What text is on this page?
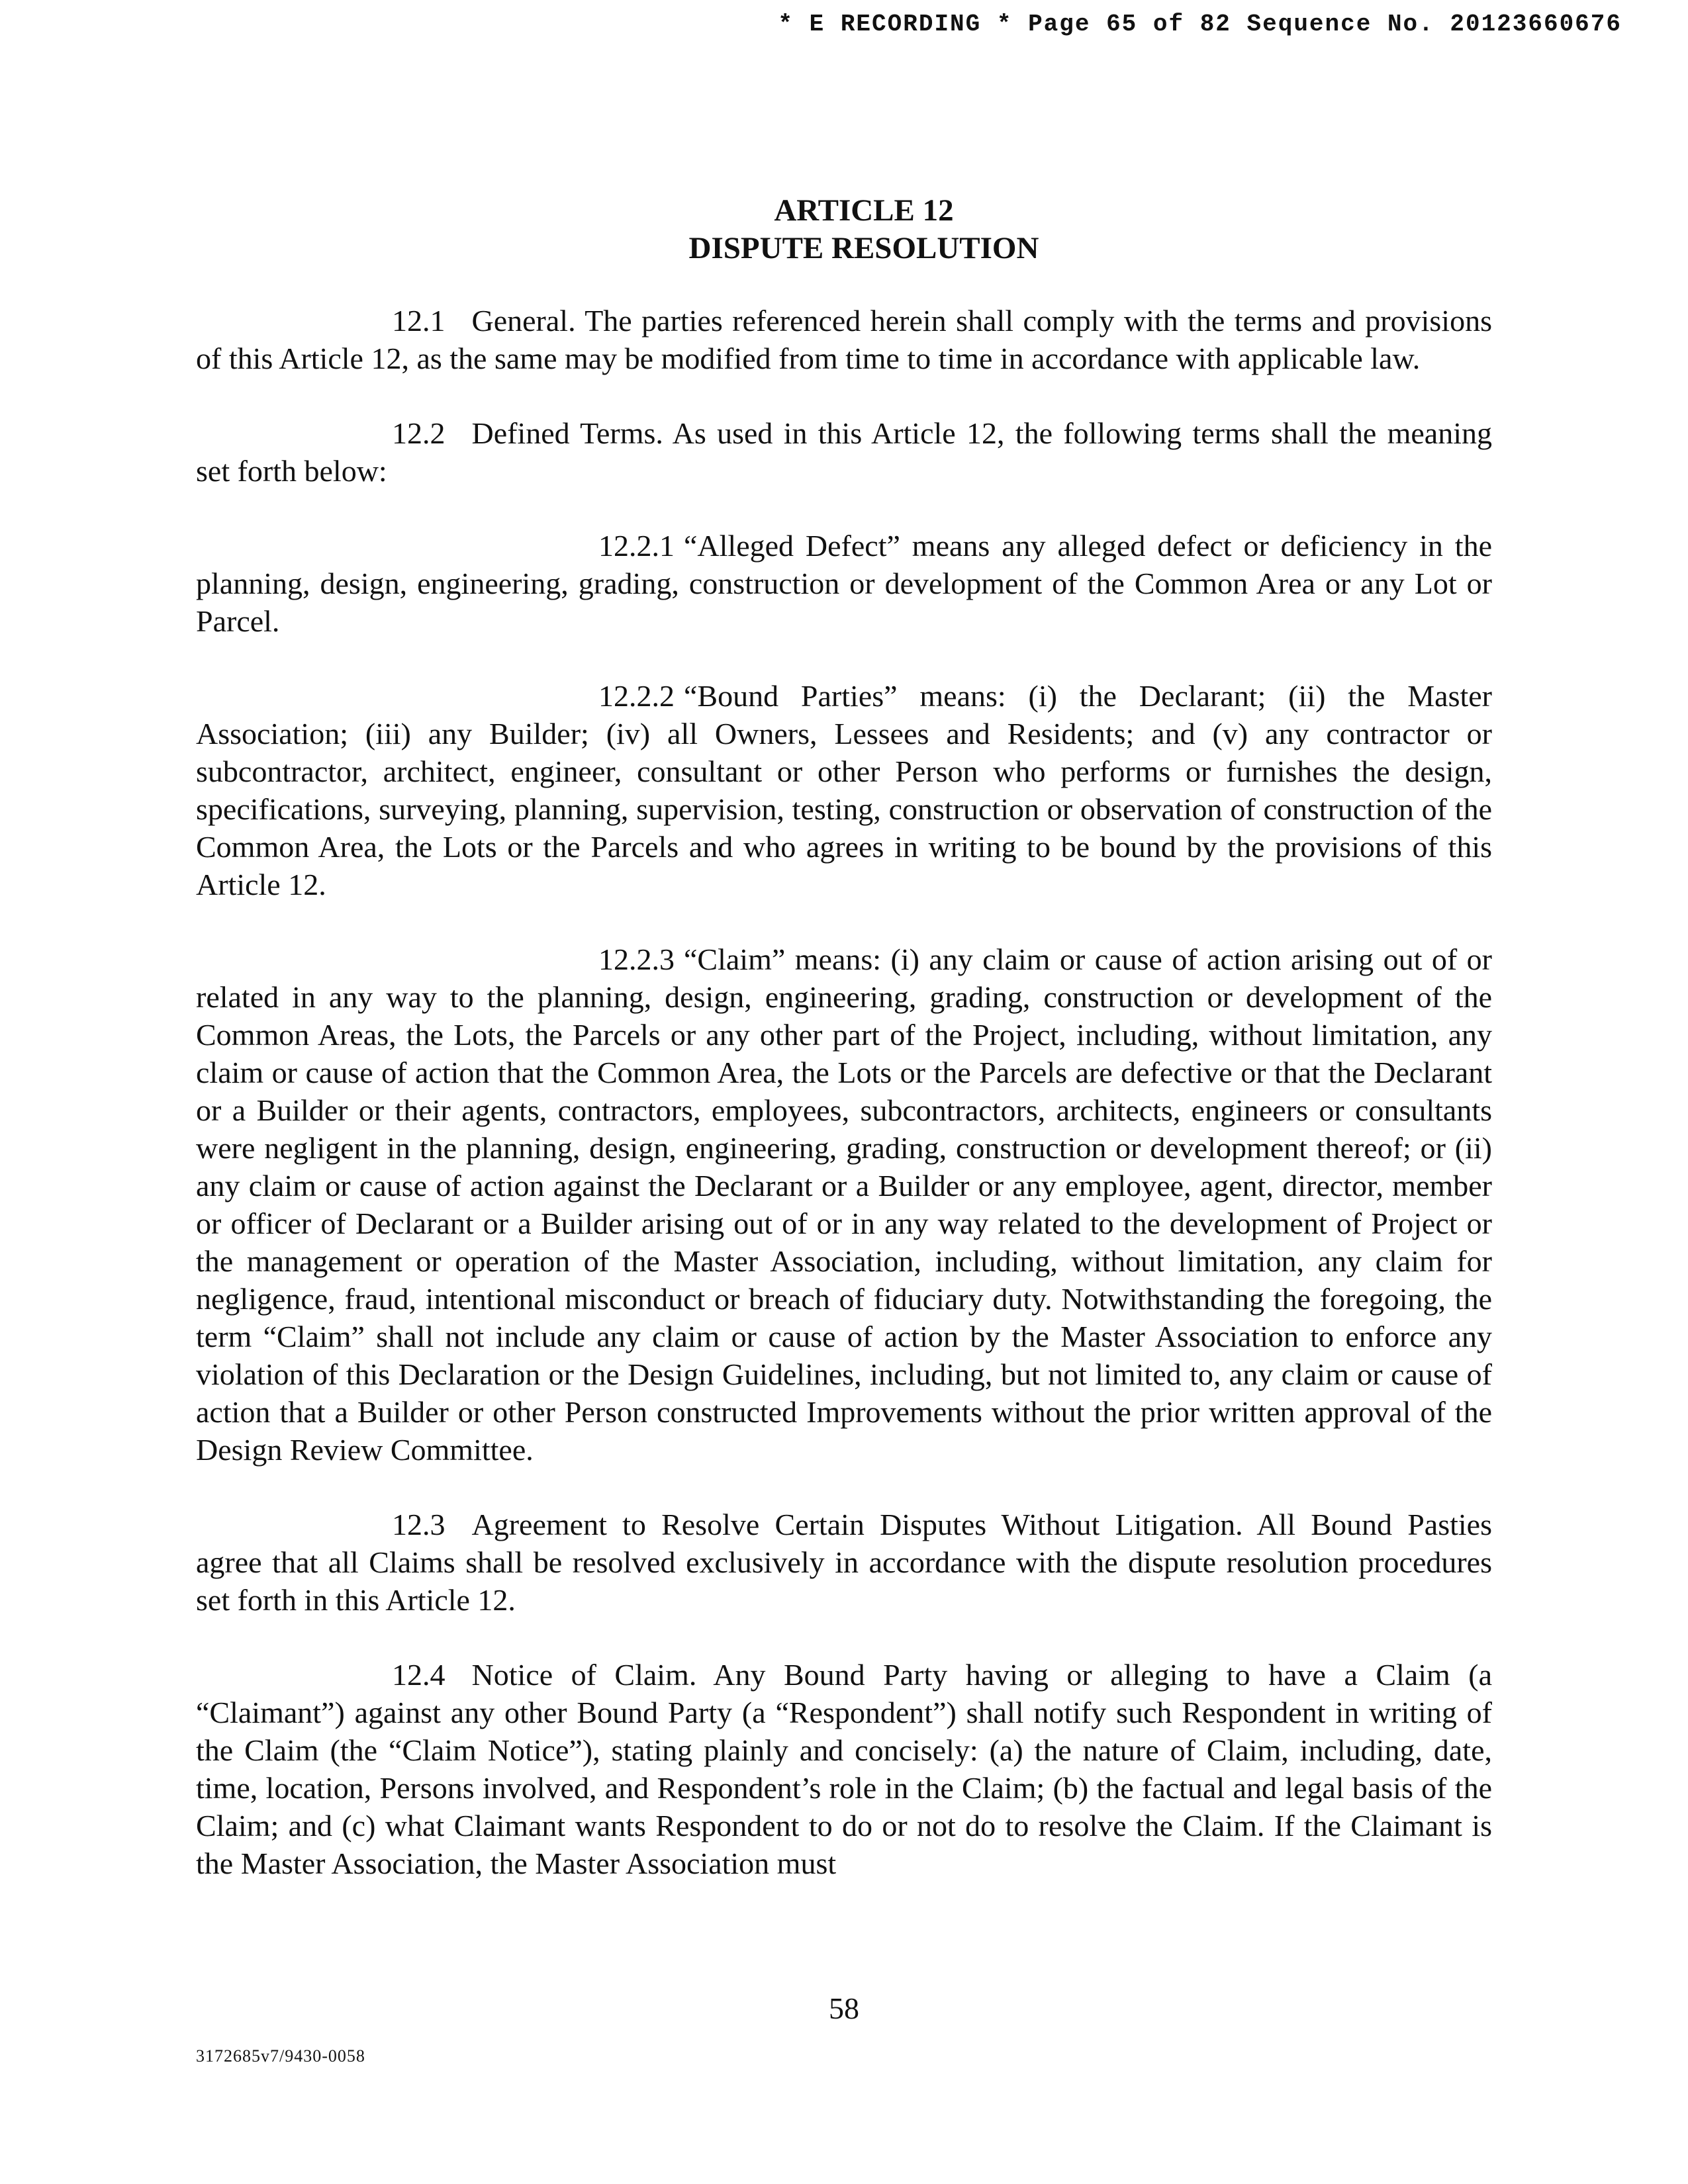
* E RECORDING * Page 65 of 82 Sequence No. 20123660676
ARTICLE 12
DISPUTE RESOLUTION

12.1 General. The parties referenced herein shall comply with the terms and provisions of this Article 12, as the same may be modified from time to time in accordance with applicable law.

12.2 Defined Terms. As used in this Article 12, the following terms shall the meaning set forth below:

12.2.1 “Alleged Defect” means any alleged defect or deficiency in the planning, design, engineering, grading, construction or development of the Common Area or any Lot or Parcel.

12.2.2 “Bound Parties” means: (i) the Declarant; (ii) the Master Association; (iii) any Builder; (iv) all Owners, Lessees and Residents; and (v) any contractor or subcontractor, architect, engineer, consultant or other Person who performs or furnishes the design, specifications, surveying, planning, supervision, testing, construction or observation of construction of the Common Area, the Lots or the Parcels and who agrees in writing to be bound by the provisions of this Article 12.

12.2.3 “Claim” means: (i) any claim or cause of action arising out of or related in any way to the planning, design, engineering, grading, construction or development of the Common Areas, the Lots, the Parcels or any other part of the Project, including, without limitation, any claim or cause of action that the Common Area, the Lots or the Parcels are defective or that the Declarant or a Builder or their agents, contractors, employees, subcontractors, architects, engineers or consultants were negligent in the planning, design, engineering, grading, construction or development thereof; or (ii) any claim or cause of action against the Declarant or a Builder or any employee, agent, director, member or officer of Declarant or a Builder arising out of or in any way related to the development of Project or the management or operation of the Master Association, including, without limitation, any claim for negligence, fraud, intentional misconduct or breach of fiduciary duty. Notwithstanding the foregoing, the term “Claim” shall not include any claim or cause of action by the Master Association to enforce any violation of this Declaration or the Design Guidelines, including, but not limited to, any claim or cause of action that a Builder or other Person constructed Improvements without the prior written approval of the Design Review Committee.

12.3 Agreement to Resolve Certain Disputes Without Litigation. All Bound Pasties agree that all Claims shall be resolved exclusively in accordance with the dispute resolution procedures set forth in this Article 12.

12.4 Notice of Claim. Any Bound Party having or alleging to have a Claim (a “Claimant”) against any other Bound Party (a “Respondent”) shall notify such Respondent in writing of the Claim (the “Claim Notice”), stating plainly and concisely: (a) the nature of Claim, including, date, time, location, Persons involved, and Respondent’s role in the Claim; (b) the factual and legal basis of the Claim; and (c) what Claimant wants Respondent to do or not do to resolve the Claim. If the Claimant is the Master Association, the Master Association must

58
3172685v7/9430-0058
